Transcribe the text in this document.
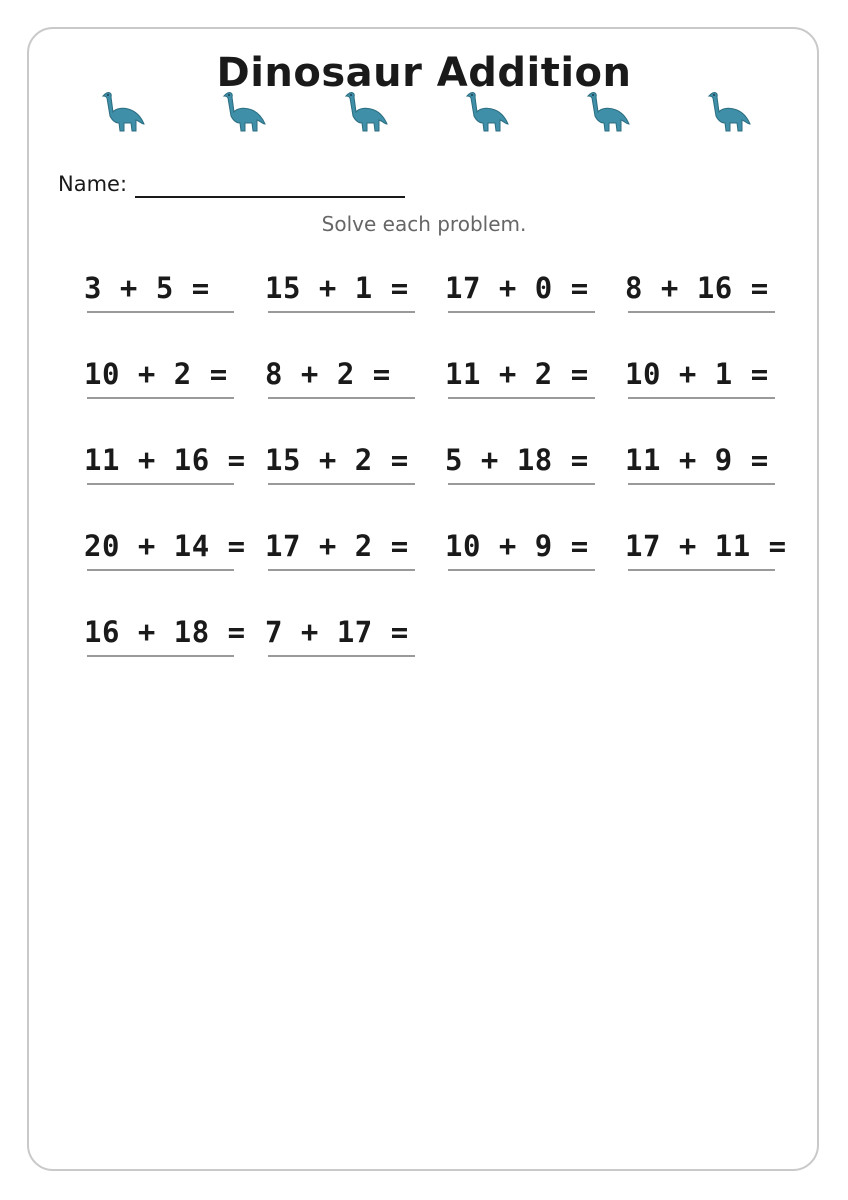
Dinosaur Addition
Name:
Solve each problem.
3 + 5 = 15 + 1 = 17 + 0 = 8 + 16 =
10 + 2 = 8 + 2 = 11 + 2 = 10 + 1 =
11 + 16 = 15 + 2 = 5 + 18 = 11 + 9 =
20 + 14 = 17 + 2 = 10 + 9 = 17 + 11 =
16 + 18 = 7 + 17 =
